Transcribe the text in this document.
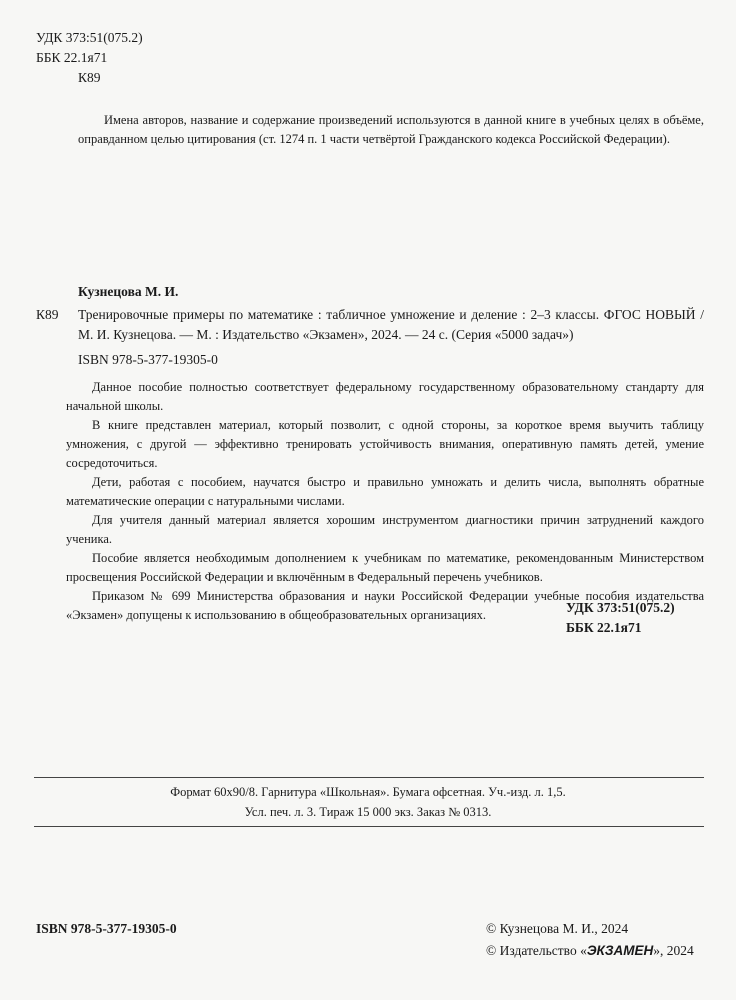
УДК 373:51(075.2)
ББК 22.1я71
К89

Имена авторов, название и содержание произведений используются в данной книге в учебных целях в объёме, оправданном целью цитирования (ст. 1274 п. 1 части четвёртой Гражданского кодекса Российской Федерации).

Кузнецова М. И.
К89 Тренировочные примеры по математике : табличное умножение и деление : 2–3 классы. ФГОС НОВЫЙ / М. И. Кузнецова. — М. : Издательство «Экзамен», 2024. — 24 с. (Серия «5000 задач»)

ISBN 978-5-377-19305-0

Данное пособие полностью соответствует федеральному государственному образовательному стандарту для начальной школы.

В книге представлен материал, который позволит, с одной стороны, за короткое время выучить таблицу умножения, с другой — эффективно тренировать устойчивость внимания, оперативную память детей, умение сосредоточиться.

Дети, работая с пособием, научатся быстро и правильно умножать и делить числа, выполнять обратные математические операции с натуральными числами.

Для учителя данный материал является хорошим инструментом диагностики причин затруднений каждого ученика.

Пособие является необходимым дополнением к учебникам по математике, рекомендованным Министерством просвещения Российской Федерации и включённым в Федеральный перечень учебников.

Приказом № 699 Министерства образования и науки Российской Федерации учебные пособия издательства «Экзамен» допущены к использованию в общеобразовательных организациях.	УДК 373:51(075.2)
ББК 22.1я71
Формат 60х90/8. Гарнитура «Школьная». Бумага офсетная. Уч.-изд. л. 1,5.
Усл. печ. л. 3. Тираж 15 000 экз. Заказ № 0313.
ISBN 978-5-377-19305-0	© Кузнецова М. И., 2024
© Издательство «ЭКЗАМЕН», 2024
